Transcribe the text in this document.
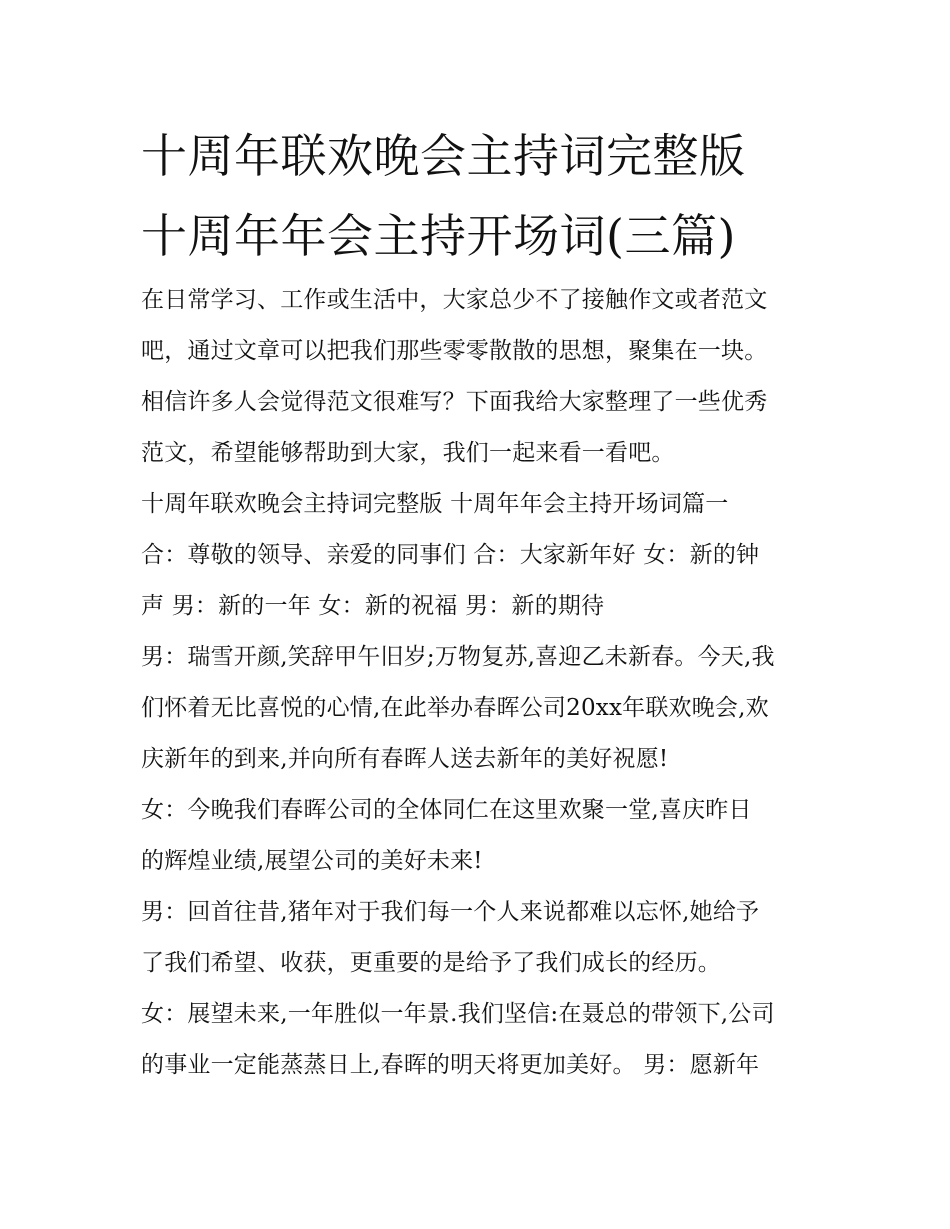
十周年联欢晚会主持词完整版
十周年年会主持开场词(三篇)
在日常学习、工作或生活中，大家总少不了接触作文或者范文
吧，通过文章可以把我们那些零零散散的思想，聚集在一块。
相信许多人会觉得范文很难写？下面我给大家整理了一些优秀
范文，希望能够帮助到大家，我们一起来看一看吧。
十周年联欢晚会主持词完整版 十周年年会主持开场词篇一
合：尊敬的领导、亲爱的同事们 合：大家新年好 女：新的钟
声 男：新的一年 女：新的祝福 男：新的期待
男：瑞雪开颜,笑辞甲午旧岁;万物复苏,喜迎乙未新春。今天,我
们怀着无比喜悦的心情,在此举办春晖公司20xx年联欢晚会,欢
庆新年的到来,并向所有春晖人送去新年的美好祝愿!
女：今晚我们春晖公司的全体同仁在这里欢聚一堂,喜庆昨日
的辉煌业绩,展望公司的美好未来!
男：回首往昔,猪年对于我们每一个人来说都难以忘怀,她给予
了我们希望、收获，更重要的是给予了我们成长的经历。
女：展望未来,一年胜似一年景.我们坚信:在聂总的带领下,公司
的事业一定能蒸蒸日上,春晖的明天将更加美好。 男：愿新年
